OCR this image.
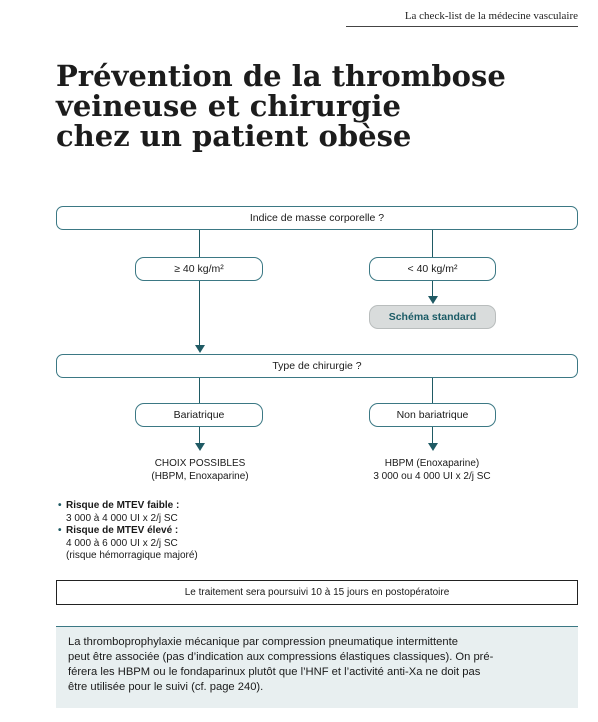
La check-list de la médecine vasculaire
Prévention de la thrombose
veineuse et chirurgie
chez un patient obèse
Indice de masse corporelle ?
≥ 40 kg/m²	< 40 kg/m²
Schéma standard
Type de chirurgie ?
Bariatrique	Non bariatrique
CHOIX POSSIBLES
(HBPM, Enoxaparine)
HBPM (Enoxaparine)
3 000 ou 4 000 UI x 2/j SC
• Risque de MTEV faible :
3 000 à 4 000 UI x 2/j SC
• Risque de MTEV élevé :
4 000 à 6 000 UI x 2/j SC
(risque hémorragique majoré)
Le traitement sera poursuivi 10 à 15 jours en postopératoire
La thromboprophylaxie mécanique par compression pneumatique intermittente
peut être associée (pas d’indication aux compressions élastiques classiques). On pré-
férera les HBPM ou le fondaparinux plutôt que l’HNF et l’activité anti-Xa ne doit pas
être utilisée pour le suivi (cf. page 240).
